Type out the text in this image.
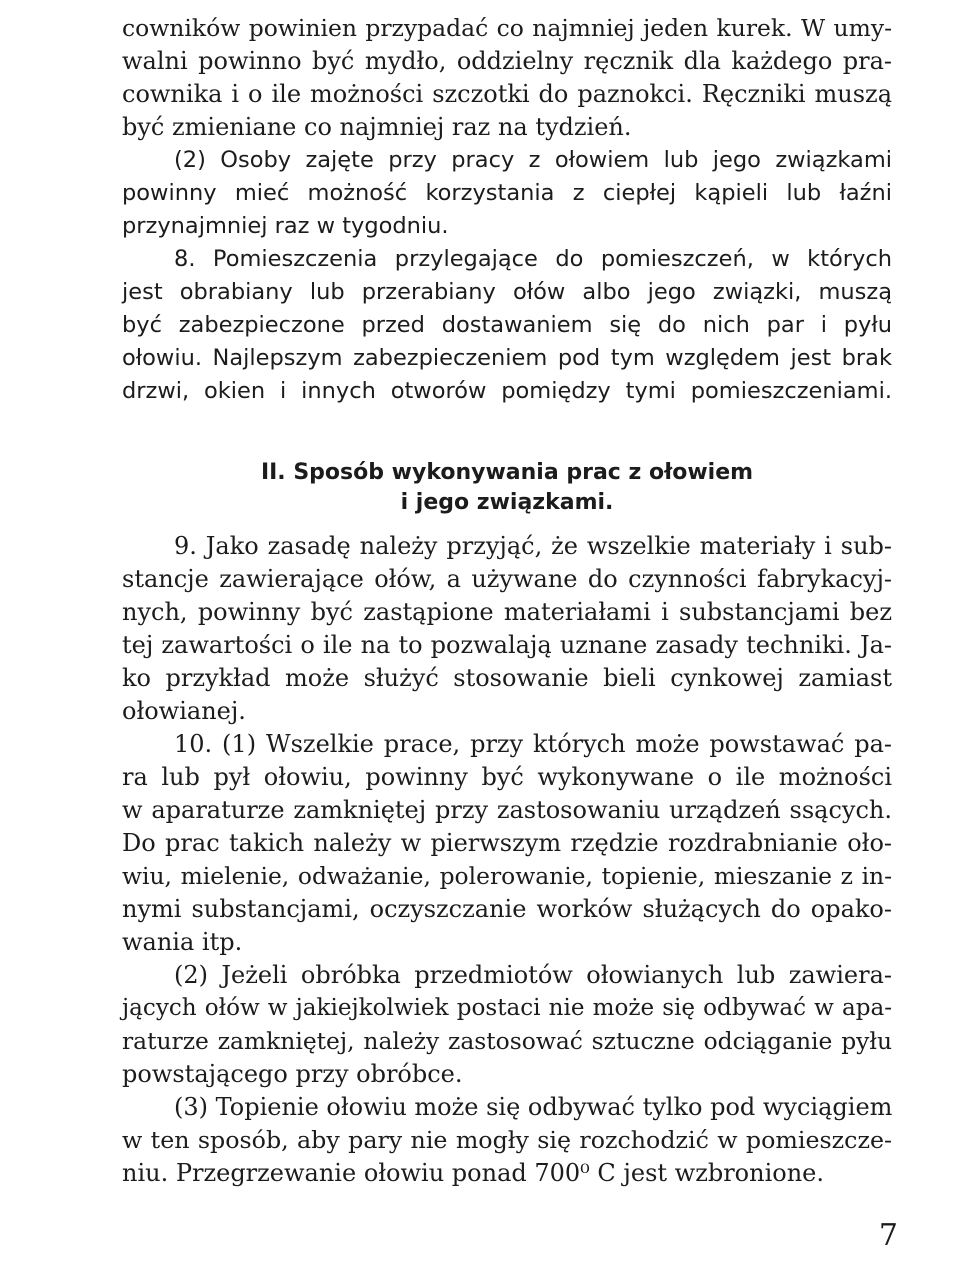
cowników powinien przypadać co najmniej jeden kurek. W umy-
walni powinno być mydło, oddzielny ręcznik dla każdego pra-
cownika i o ile możności szczotki do paznokci. Ręczniki muszą
być zmieniane co najmniej raz na tydzień.
(2) Osoby zajęte przy pracy z ołowiem lub jego związkami
powinny mieć możność korzystania z ciepłej kąpieli lub łaźni
przynajmniej raz w tygodniu.
8. Pomieszczenia przylegające do pomieszczeń, w których
jest obrabiany lub przerabiany ołów albo jego związki, muszą
być zabezpieczone przed dostawaniem się do nich par i pyłu
ołowiu. Najlepszym zabezpieczeniem pod tym względem jest brak
drzwi, okien i innych otworów pomiędzy tymi pomieszczeniami.
II. Sposób wykonywania prac z ołowiem
i jego związkami.
9. Jako zasadę należy przyjąć, że wszelkie materiały i sub-
stancje zawierające ołów, a używane do czynności fabrykacyj-
nych, powinny być zastąpione materiałami i substancjami bez
tej zawartości o ile na to pozwalają uznane zasady techniki. Ja-
ko przykład może służyć stosowanie bieli cynkowej zamiast
ołowianej.
10. (1) Wszelkie prace, przy których może powstawać pa-
ra lub pył ołowiu, powinny być wykonywane o ile możności
w aparaturze zamkniętej przy zastosowaniu urządzeń ssących.
Do prac takich należy w pierwszym rzędzie rozdrabnianie oło-
wiu, mielenie, odważanie, polerowanie, topienie, mieszanie z in-
nymi substancjami, oczyszczanie worków służących do opako-
wania itp.
(2) Jeżeli obróbka przedmiotów ołowianych lub zawiera-
jących ołów w jakiejkolwiek postaci nie może się odbywać w apa-
raturze zamkniętej, należy zastosować sztuczne odciąganie pyłu
powstającego przy obróbce.
(3) Topienie ołowiu może się odbywać tylko pod wyciągiem
w ten sposób, aby pary nie mogły się rozchodzić w pomieszcze-
niu. Przegrzewanie ołowiu ponad 700⁰ C jest wzbronione.
7
